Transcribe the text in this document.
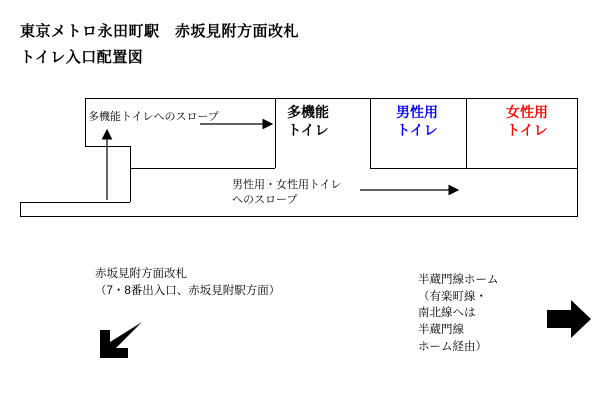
東京メトロ永田町駅　赤坂見附方面改札
トイレ入口配置図
多機能
トイレ
男性用
トイレ
女性用
トイレ
多機能トイレへのスロープ
男性用・女性用トイレ
へのスロープ
赤坂見附方面改札
（7・8番出入口、赤坂見附駅方面）
半蔵門線ホーム
（有楽町線・
南北線へは
半蔵門線
ホーム経由）
